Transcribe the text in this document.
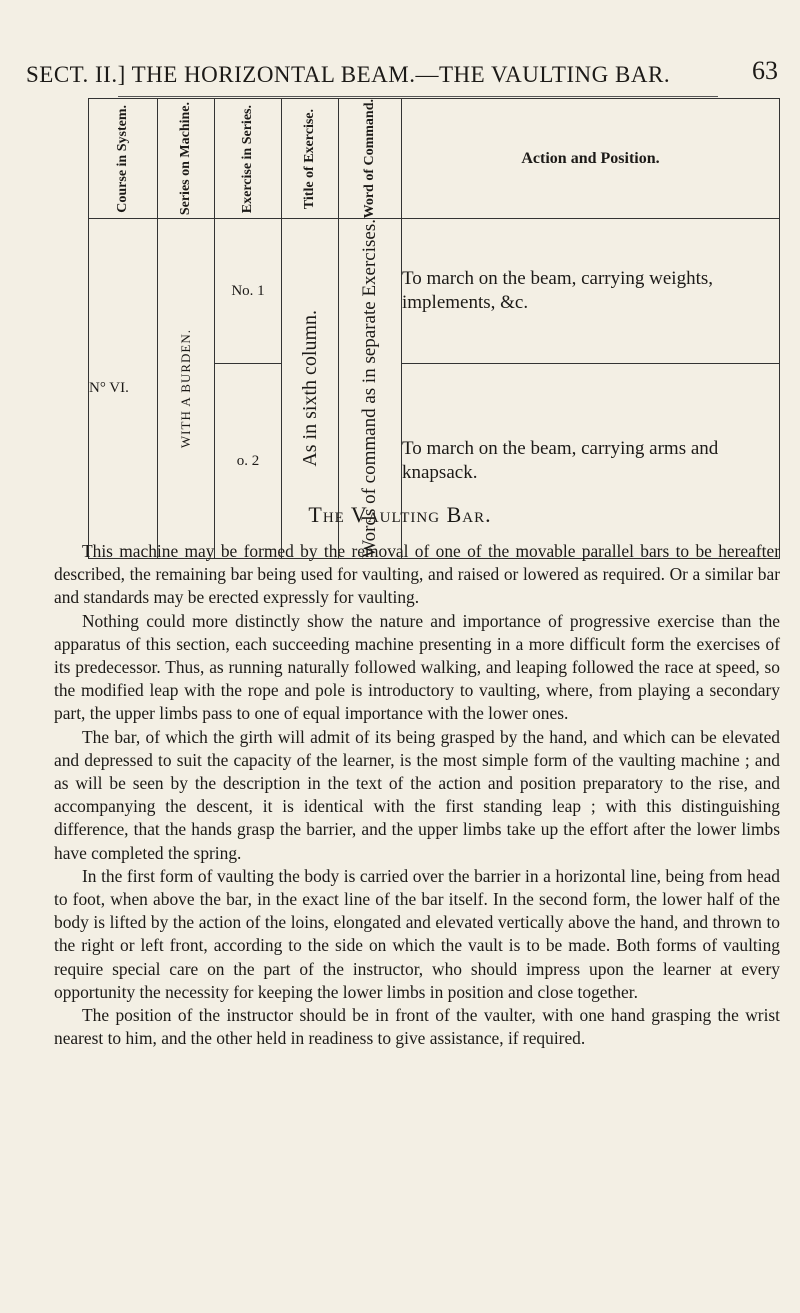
SECT. II.] THE HORIZONTAL BEAM.—THE VAULTING BAR.	63
Course in System.	Series on Machine.	Exercise in Series.	Title of Exercise.	Word of Command.	Action and Position.
N° VI.	WITH A BURDEN.	No. 1	As in sixth column.	Words of command as in separate Exercises.	To march on the beam, carrying weights, implements, &c.
		o. 2			To march on the beam, carrying arms and knapsack.
The Vaulting Bar.

This machine may be formed by the removal of one of the movable parallel bars to be hereafter described, the remaining bar being used for vaulting, and raised or lowered as required. Or a similar bar and standards may be erected expressly for vaulting.

Nothing could more distinctly show the nature and importance of progressive exercise than the apparatus of this section, each succeeding machine presenting in a more difficult form the exercises of its predecessor. Thus, as running naturally followed walking, and leaping followed the race at speed, so the modified leap with the rope and pole is introductory to vaulting, where, from playing a secondary part, the upper limbs pass to one of equal importance with the lower ones.

The bar, of which the girth will admit of its being grasped by the hand, and which can be elevated and depressed to suit the capacity of the learner, is the most simple form of the vaulting machine ; and as will be seen by the description in the text of the action and position preparatory to the rise, and accompanying the descent, it is identical with the first standing leap ; with this distinguishing difference, that the hands grasp the barrier, and the upper limbs take up the effort after the lower limbs have completed the spring.

In the first form of vaulting the body is carried over the barrier in a horizontal line, being from head to foot, when above the bar, in the exact line of the bar itself. In the second form, the lower half of the body is lifted by the action of the loins, elongated and elevated vertically above the hand, and thrown to the right or left front, according to the side on which the vault is to be made. Both forms of vaulting require special care on the part of the instructor, who should impress upon the learner at every opportunity the necessity for keeping the lower limbs in position and close together.

The position of the instructor should be in front of the vaulter, with one hand grasping the wrist nearest to him, and the other held in readiness to give assistance, if required.
